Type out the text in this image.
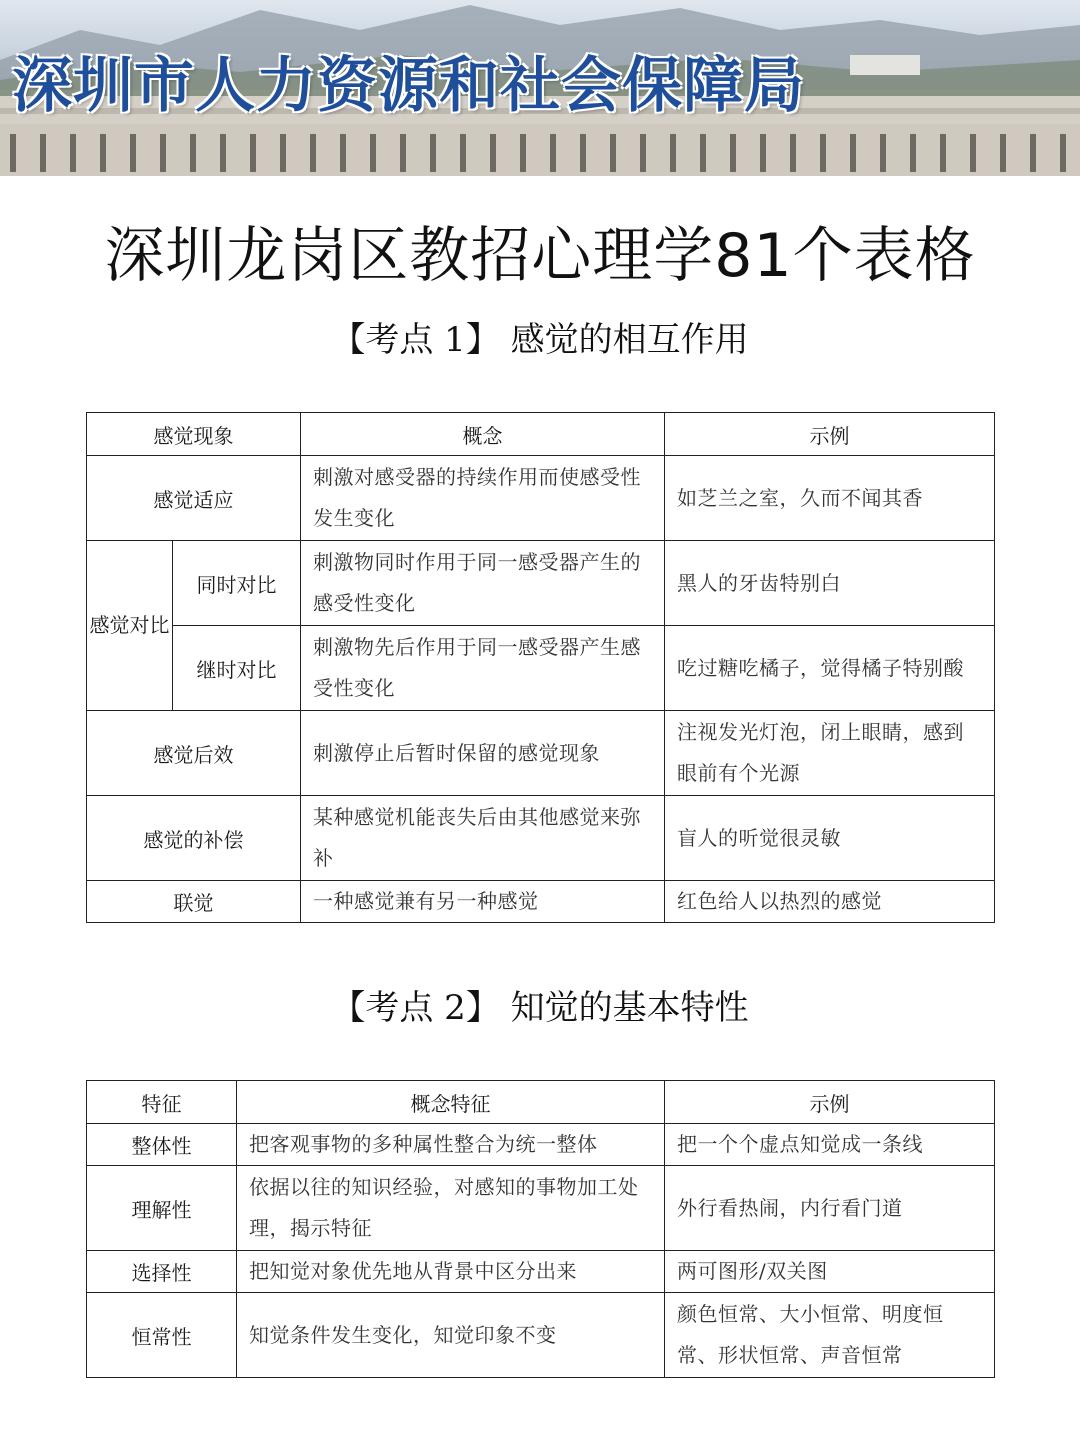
深圳市人力资源和社会保障局
深圳龙岗区教招心理学81个表格
【考点 1】 感觉的相互作用
感觉现象		概念	示例
感觉适应		刺激对感受器的持续作用而使感受性发生变化	如芝兰之室，久而不闻其香
感觉对比	同时对比	刺激物同时作用于同一感受器产生的感受性变化	黑人的牙齿特别白
	继时对比	刺激物先后作用于同一感受器产生感受性变化	吃过糖吃橘子，觉得橘子特别酸
感觉后效		刺激停止后暂时保留的感觉现象	注视发光灯泡，闭上眼睛，感到眼前有个光源
感觉的补偿		某种感觉机能丧失后由其他感觉来弥补	盲人的听觉很灵敏
联觉		一种感觉兼有另一种感觉	红色给人以热烈的感觉
【考点 2】 知觉的基本特性
特征	概念特征	示例
整体性	把客观事物的多种属性整合为统一整体	把一个个虚点知觉成一条线
理解性	依据以往的知识经验，对感知的事物加工处理，揭示特征	外行看热闹，内行看门道
选择性	把知觉对象优先地从背景中区分出来	两可图形/双关图
恒常性	知觉条件发生变化，知觉印象不变	颜色恒常、大小恒常、明度恒常、形状恒常、声音恒常
